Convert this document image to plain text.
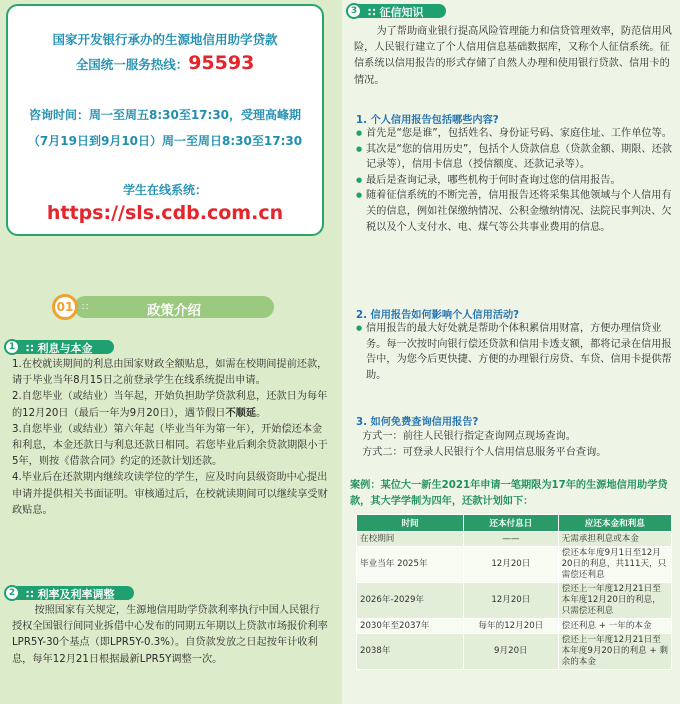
国家开发银行承办的生源地信用助学贷款
全国统一服务热线：95593
咨询时间：周一至周五8:30至17:30，受理高峰期
（7月19日到9月10日）周一至周日8:30至17:30
学生在线系统：
https://sls.cdb.com.cn
政策介绍
∷
01
1 ∷ 利息与本金

1.在校就读期间的利息由国家财政全额贴息，如需在校期间提前还款，请于毕业当年8月15日之前登录学生在线系统提出申请。

2.自您毕业（或结业）当年起，开始负担助学贷款利息，还款日为每年的12月20日（最后一年为9月20日），遇节假日不顺延。

3.自您毕业（或结业）第六年起（毕业当年为第一年），开始偿还本金和利息，本金还款日与利息还款日相同。若您毕业后剩余贷款期限小于5年，则按《借款合同》约定的还款计划还款。

4.毕业后在还款期内继续攻读学位的学生，应及时向县级资助中心提出申请并提供相关书面证明。审核通过后，在校就读期间可以继续享受财政贴息。

2 ∷ 利率及利率调整
按照国家有关规定，生源地信用助学贷款利率执行中国人民银行授权全国银行间同业拆借中心发布的同期五年期以上贷款市场报价利率LPR5Y-30个基点（即LPR5Y-0.3%）。自贷款发放之日起按年计收利息，每年12月21日根据最新LPR5Y调整一次。
3 ∷ 征信知识
为了帮助商业银行提高风险管理能力和信贷管理效率，防范信用风险，人民银行建立了个人信用信息基础数据库，又称个人征信系统。征信系统以信用报告的形式存储了自然人办理和使用银行贷款、信用卡的情况。
1. 个人信用报告包括哪些内容?
● 首先是“您是谁”，包括姓名、身份证号码、家庭住址、工作单位等。
● 其次是“您的信用历史”，包括个人贷款信息（贷款金额、期限、还款记录等），信用卡信息（授信额度、还款记录等）。
● 最后是查询记录，哪些机构于何时查询过您的信用报告。
● 随着征信系统的不断完善，信用报告还将采集其他领域与个人信用有关的信息，例如社保缴纳情况、公积金缴纳情况、法院民事判决、欠税以及个人支付水、电、煤气等公共事业费用的信息。
2. 信用报告如何影响个人信用活动?
● 信用报告的最大好处就是帮助个体积累信用财富，方便办理信贷业务。每一次按时向银行偿还贷款和信用卡透支额，都将记录在信用报告中，为您今后更快捷、方便的办理银行房贷、车贷、信用卡提供帮助。
3. 如何免费查询信用报告?

方式一：前往人民银行指定查询网点现场查询。

方式二：可登录人民银行个人信用信息服务平台查询。

案例：某位大一新生2021年申请一笔期限为17年的生源地信用助学贷款，其大学学制为四年，还款计划如下：
时间	还本付息日	应还本金和利息
在校期间	——	无需承担利息或本金
毕业当年 2025年	12月20日	偿还本年度9月1日至12月20日的利息，共111天，只需偿还利息
2026年-2029年	12月20日	偿还上一年度12月21日至本年度12月20日的利息，只需偿还利息
2030年至2037年	每年的12月20日	偿还利息 + 一年的本金
2038年	9月20日	偿还上一年度12月21日至本年度9月20日的利息 + 剩余的本金
